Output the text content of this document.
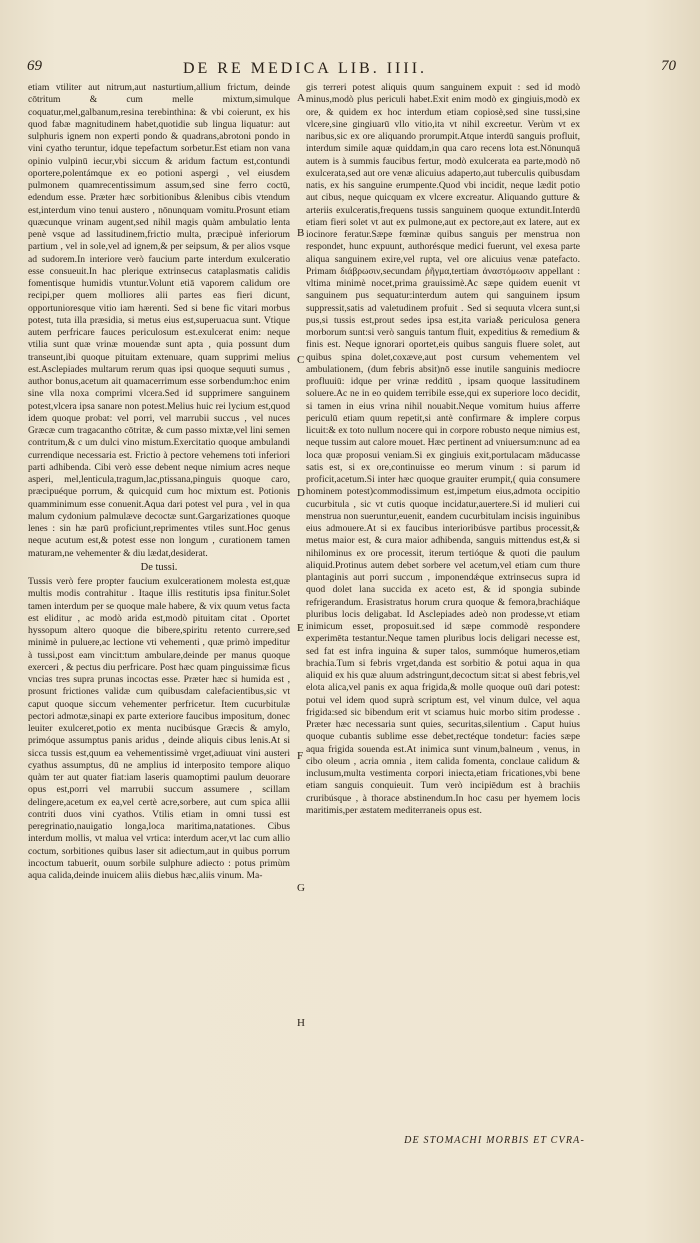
69	DE RE MEDICA LIB. IIII.	70

etiam vtiliter aut nitrum,aut nasturtium,allium frictum, deinde cōtritum & cum melle mixtum,simulque coquatur,mel,galbanum,resina terebinthina: & vbi coierunt, ex his quod fabæ magnitudinem habet,quotidie sub lingua liquatur: aut sulphuris ignem non experti pondo & quadrans,abrotoni pondo in vini cyatho teruntur, idque tepefactum sorbetur.Est etiam non vana opinio vulpinū iecur,vbi siccum & aridum factum est,contundi oportere,polentámque ex eo potioni aspergi , vel eiusdem pulmonem quamrecentissimum assum,sed sine ferro coctū, edendum esse. Præter hæc sorbitionibus &lenibus cibis vtendum est,interdum vino tenui austero , nōnunquam vomitu.Prosunt etiam quæcunque vrinam augent,sed nihil magis quàm ambulatio lenta penè vsque ad lassitudinem,frictio multa, præcipuè inferiorum partium , vel in sole,vel ad ignem,& per seipsum, & per alios vsque ad sudorem.In interiore verò faucium parte interdum exulceratio esse consueuit.In hac plerique extrinsecus cataplasmatis calidis fomentisque humidis vtuntur.Volunt etiā vaporem calidum ore recipi,per quem molliores alii partes eas fieri dicunt, opportunioresque vitio iam hærenti. Sed si bene fic vitari morbus potest, tuta illa præsidia, si metus eius est,superuacua sunt. Vtique autem perfricare fauces periculosum est.exulcerat enim: neque vtilia sunt quæ vrinæ mouendæ sunt apta , quia possunt dum transeunt,ibi quoque pituitam extenuare, quam supprimi melius est.Asclepiades multarum rerum quas ipsi quoque sequuti sumus , author bonus,acetum ait quamacerrimum esse sorbendum:hoc enim sine vlla noxa comprimi vlcera.Sed id supprimere sanguinem potest,vlcera ipsa sanare non potest.Melius huic rei lycium est,quod idem quoque probat: vel porri, vel marrubii succus , vel nuces Græcæ cum tragacantho cōtritæ, & cum passo mixtæ,vel lini semen contritum,& c um dulci vino mistum.Exercitatio quoque ambulandi currendique necessaria est. Frictio à pectore vehemens toti inferiori parti adhibenda. Cibi verò esse debent neque nimium acres neque asperi, mel,lenticula,tragum,lac,ptissana,pinguis quoque caro, præcipuéque porrum, & quicquid cum hoc mixtum est. Potionis quamminimum esse conuenit.Aqua dari potest vel pura , vel in qua malum cydonium palmulæve decoctæ sunt.Gargarizationes quoque lenes : sin hæ parū proficiunt,reprimentes vtiles sunt.Hoc genus neque acutum est,& potest esse non longum , curationem tamen maturam,ne vehementer & diu lædat,desiderat.

De tussi.

Tussis verò fere propter faucium exulcerationem molesta est,quæ multis modis contrahitur . Itaque illis restitutis ipsa finitur.Solet tamen interdum per se quoque male habere, & vix quum vetus facta est eliditur , ac modò arida est,modò pituitam citat . Oportet hyssopum altero quoque die bibere,spiritu retento currere,sed minimè in puluere,ac lectione vti vehementi , quæ primò impeditur à tussi,post eam vincit:tum ambulare,deinde per manus quoque exerceri , & pectus diu perfricare. Post hæc quam pinguissimæ ficus vncias tres supra prunas incoctas esse. Præter hæc si humida est , prosunt frictiones validæ cum quibusdam calefacientibus,sic vt caput quoque siccum vehementer perfricetur. Item cucurbitulæ pectori admotæ,sinapi ex parte exteriore faucibus impositum, donec leuiter exulceret,potio ex menta nucibúsque Græcis & amylo, primóque assumptus panis aridus , deinde aliquis cibus lenis.At si sicca tussis est,quum ea vehementissimè vrget,adiuuat vini austeri cyathus assumptus, dū ne amplius id interposito tempore aliquo quàm ter aut quater fiat:iam laseris quamoptimi paulum deuorare opus est,porri vel marrubii succum assumere , scillam delingere,acetum ex ea,vel certè acre,sorbere, aut cum spica allii contriti duos vini cyathos. Vtilis etiam in omni tussi est peregrinatio,nauigatio longa,loca maritima,natationes. Cibus interdum mollis, vt malua vel vrtica: interdum acer,vt lac cum allio coctum, sorbitiones quibus laser sit adiectum,aut in quibus porrum incoctum tabuerit, ouum sorbile sulphure adiecto : potus primùm aqua calida,deinde inuicem aliis diebus hæc,aliis vinum. Ma-

A
B
C
D
E
F
G
H

gis terreri potest aliquis quum sanguinem expuit : sed id modò minus,modò plus periculi habet.Exit enim modò ex gingiuis,modò ex ore, & quidem ex hoc interdum etiam copiosè,sed sine tussi,sine vlcere,sine gingiuarū vllo vitio,ita vt nihil excreetur. Verùm vt ex naribus,sic ex ore aliquando prorumpit.Atque interdū sanguis profluit, interdum simile aquæ quiddam,in qua caro recens lota est.Nōnunquā autem is à summis faucibus fertur, modò exulcerata ea parte,modò nō exulcerata,sed aut ore venæ alicuius adaperto,aut tuberculis quibusdam natis, ex his sanguine erumpente.Quod vbi incidit, neque lædit potio aut cibus, neque quicquam ex vlcere excreatur. Aliquando gutture & arteriis exulceratis,frequens tussis sanguinem quoque extundit.Interdū etiam fieri solet vt aut ex pulmone,aut ex pectore,aut ex latere, aut ex iocinore feratur.Sæpe fœminæ quibus sanguis per menstrua non respondet, hunc expuunt, authorésque medici fuerunt, vel exesa parte aliqua sanguinem exire,vel rupta, vel ore alicuius venæ patefacto. Primam διάβρωσιν,secundam ῥῆγμα,tertiam ἀναστόμωσιν appellant : vltima minimè nocet,prima grauissimè.Ac sæpe quidem euenit vt sanguinem pus sequatur:interdum autem qui sanguinem ipsum suppressit,satis ad valetudinem profuit . Sed si sequuta vlcera sunt,si pus,si tussis est,prout sedes ipsa est,ita varia& periculosa genera morborum sunt:si verò sanguis tantum fluit, expeditius & remedium & finis est. Neque ignorari oportet,eis quibus sanguis fluere solet, aut quibus spina dolet,coxæve,aut post cursum vehementem vel ambulationem, (dum febris absit)nō esse inutile sanguinis mediocre profluuiū: idque per vrinæ redditū , ipsam quoque lassitudinem soluere.Ac ne in eo quidem terribile esse,qui ex superiore loco decidit, si tamen in eius vrina nihil nouabit.Neque vomitum huius afferre periculū etiam quum repetit,si antè confirmare & implere corpus licuit:& ex toto nullum nocere qui in corpore robusto neque nimius est, neque tussim aut calore mouet. Hæc pertinent ad vniuersum:nunc ad ea loca quæ proposui veniam.Si ex gingiuis exit,portulacam māducasse satis est, si ex ore,continuisse eo merum vinum : si parum id proficit,acetum.Si inter hæc quoque grauiter erumpit,( quia consumere hominem potest)commodissimum est,impetum eius,admota occipitio cucurbitula , sic vt cutis quoque incidatur,auertere.Si id mulieri cui menstrua non sueruntur,euenit, eandem cucurbitulam incisis inguinibus eius admouere.At si ex faucibus interioribúsve partibus processit,& metus maior est, & cura maior adhibenda, sanguis mittendus est,& si nihilominus ex ore processit, iterum tertióque & quoti die paulum aliquid.Protinus autem debet sorbere vel acetum,vel etiam cum thure plantaginis aut porri succum , imponendǽque extrinsecus supra id quod dolet lana succida ex aceto est, & id spongia subinde refrigerandum. Erasistratus horum crura quoque & femora,brachiáque pluribus locis deligabat. Id Asclepiades adeò non prodesse,vt etiam inimicum esset, proposuit.sed id sæpe commodè respondere experimēta testantur.Neque tamen pluribus locis deligari necesse est, sed fat est infra inguina & super talos, summóque humeros,etiam brachia.Tum si febris vrget,danda est sorbitio & potui aqua in qua aliquid ex his quæ aluum adstringunt,decoctum sit:at si abest febris,vel elota alica,vel panis ex aqua frigida,& molle quoque ouū dari potest: potui vel idem quod suprà scriptum est, vel vinum dulce, vel aqua frigida:sed sic bibendum erit vt sciamus huic morbo sitim prodesse . Præter hæc necessaria sunt quies, securitas,silentium . Caput huius quoque cubantis sublime esse debet,rectéque tondetur: facies sæpe aqua frigida souenda est.At inimica sunt vinum,balneum , venus, in cibo oleum , acria omnia , item calida fomenta, conclaue calidum & inclusum,multa vestimenta corpori iniecta,etiam fricationes,vbi bene etiam sanguis conquieuit. Tum verò incipiēdum est à brachiis cruribúsque , à thorace abstinendum.In hoc casu per hyemem locis maritimis,per æstatem mediterraneis opus est.

DE STOMACHI MORBIS ET CVRA-
